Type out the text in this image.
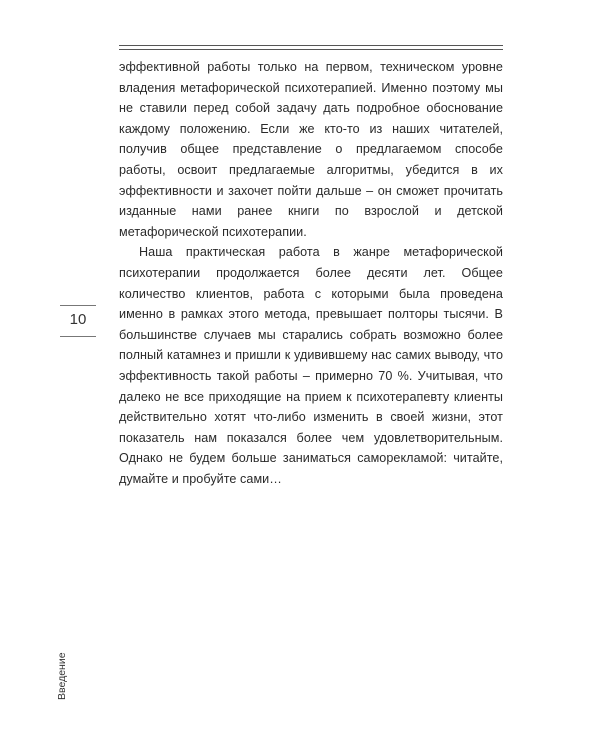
эффективной работы только на первом, техническом уровне владения метафорической психотерапией. Именно поэтому мы не ставили перед собой задачу дать подробное обоснование каждому положению. Если же кто-то из наших читателей, получив общее представление о предлагаемом способе работы, освоит предлагаемые алгоритмы, убедится в их эффективности и захочет пойти дальше – он сможет прочитать изданные нами ранее книги по взрослой и детской метафорической психотерапии.

Наша практическая работа в жанре метафорической психотерапии продолжается более десяти лет. Общее количество клиентов, работа с которыми была проведена именно в рамках этого метода, превышает полторы тысячи. В большинстве случаев мы старались собрать возможно более полный катамнез и пришли к удивившему нас самих выводу, что эффективность такой работы – примерно 70 %. Учитывая, что далеко не все приходящие на прием к психотерапевту клиенты действительно хотят что-либо изменить в своей жизни, этот показатель нам показался более чем удовлетворительным. Однако не будем больше заниматься саморекламой: читайте, думайте и пробуйте сами…

10
Введение
